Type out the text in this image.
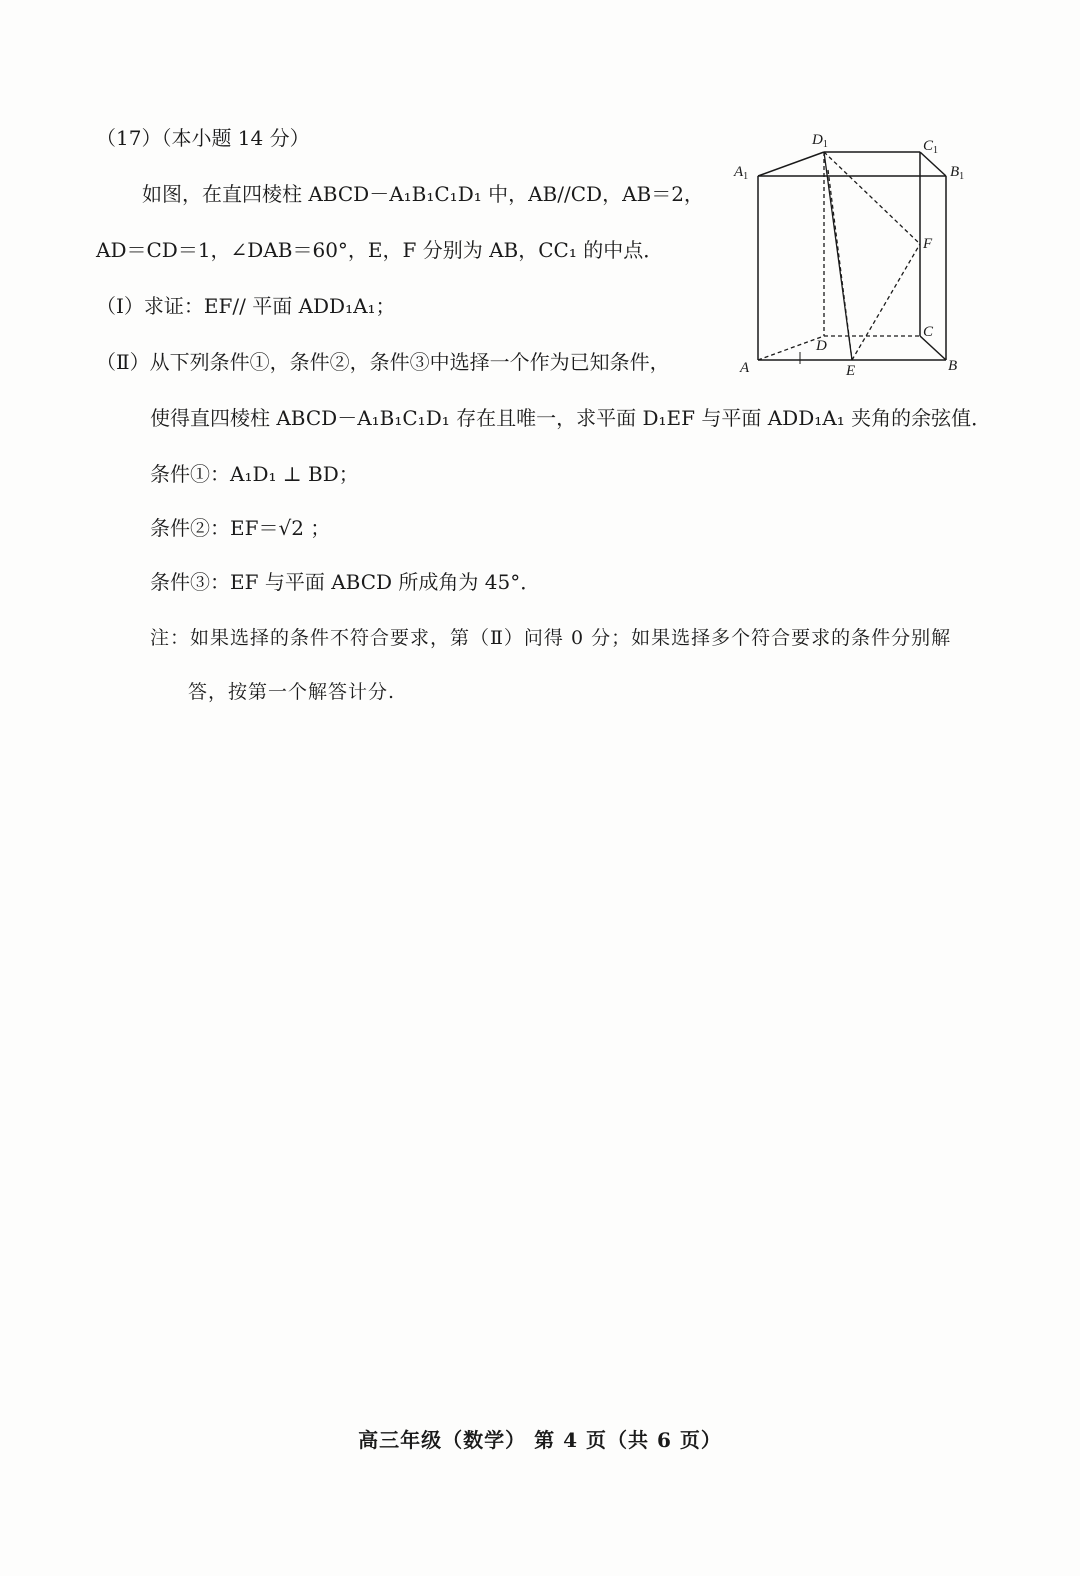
（17）（本小题 14 分）
如图，在直四棱柱 ABCD－A₁B₁C₁D₁ 中，AB//CD，AB＝2，
AD＝CD＝1，∠DAB＝60°，E，F 分别为 AB，CC₁ 的中点．
（Ⅰ）求证：EF// 平面 ADD₁A₁；
（Ⅱ）从下列条件①，条件②，条件③中选择一个作为已知条件，
使得直四棱柱 ABCD－A₁B₁C₁D₁ 存在且唯一，求平面 D₁EF 与平面 ADD₁A₁ 夹角的余弦值．
条件①：A₁D₁ ⊥ BD；
条件②：EF＝√2 ；
条件③：EF 与平面 ABCD 所成角为 45°．
注：如果选择的条件不符合要求，第（Ⅱ）问得 0 分；如果选择多个符合要求的条件分别解
答，按第一个解答计分.
$D_1$	$C_1$
$A_1$	$B_1$
F
C
D
A	E	B
高三年级（数学） 第 4 页（共 6 页）
